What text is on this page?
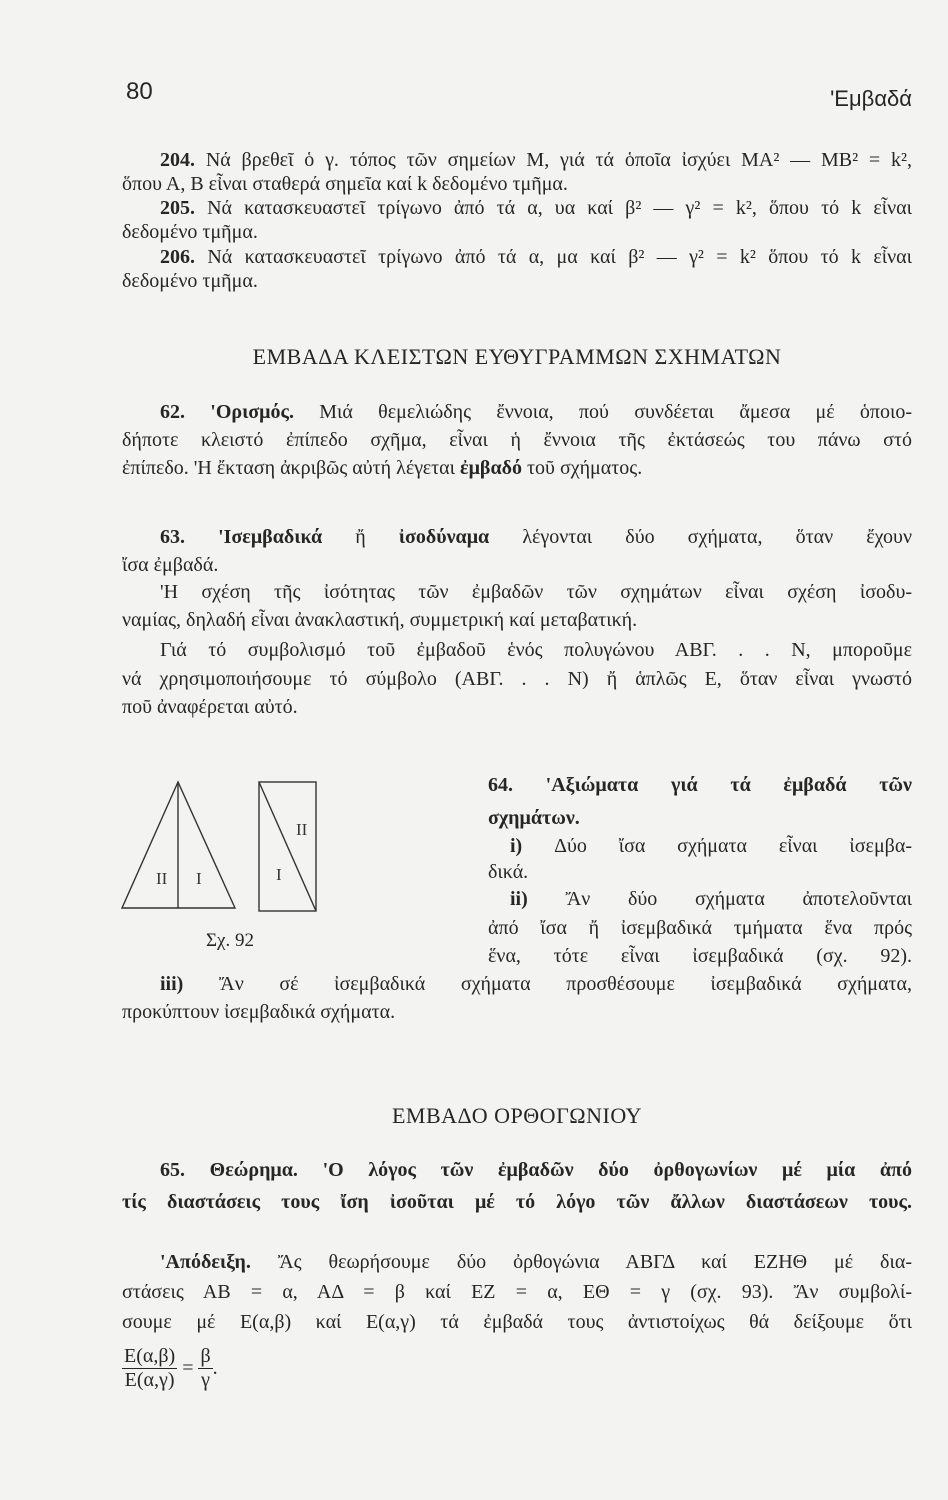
80	'Εμβαδά
204. Νά βρεθεῖ ὁ γ. τόπος τῶν σημείων Μ, γιά τά ὁποῖα ἰσχύει ΜΑ² — ΜΒ² = k²,
ὅπου Α, Β εἶναι σταθερά σημεῖα καί k δεδομένο τμῆμα.
205. Νά κατασκευαστεῖ τρίγωνο ἀπό τά α, υα καί β² — γ² = k², ὅπου τό k εἶναι
δεδομένο τμῆμα.
206. Νά κατασκευαστεῖ τρίγωνο ἀπό τά α, μα καί β² — γ² = k² ὅπου τό k εἶναι
δεδομένο τμῆμα.
ΕΜΒΑΔΑ ΚΛΕΙΣΤΩΝ ΕΥΘΥΓΡΑΜΜΩΝ ΣΧΗΜΑΤΩΝ
62. 'Ορισμός. Μιά θεμελιώδης ἔννοια, πού συνδέεται ἄμεσα μέ ὁποιο-
δήποτε κλειστό ἐπίπεδο σχῆμα, εἶναι ἡ ἔννοια τῆς ἐκτάσεώς του πάνω στό
ἐπίπεδο. 'Η ἔκταση ἀκριβῶς αὐτή λέγεται ἐμβαδό τοῦ σχήματος.
63. 'Ισεμβαδικά ἤ ἰσοδύναμα λέγονται δύο σχήματα, ὅταν ἔχουν
ἴσα ἐμβαδά.
'Η σχέση τῆς ἰσότητας τῶν ἐμβαδῶν τῶν σχημάτων εἶναι σχέση ἰσοδυ-
ναμίας, δηλαδή εἶναι ἀνακλαστική, συμμετρική καί μεταβατική.
Γιά τό συμβολισμό τοῦ ἐμβαδοῦ ἑνός πολυγώνου ΑΒΓ. . . Ν, μποροῦμε
νά χρησιμοποιήσουμε τό σύμβολο (ΑΒΓ. . . Ν) ἤ ἁπλῶς Ε, ὅταν εἶναι γνωστό
ποῦ ἀναφέρεται αὐτό.
II I
II
I
Σχ. 92
64. 'Αξιώματα γιά τά ἐμβαδά τῶν
σχημάτων.
i) Δύο ἴσα σχήματα εἶναι ἰσεμβα-
δικά.
ii) Ἄν δύο σχήματα ἀποτελοῦνται
ἀπό ἴσα ἤ ἰσεμβαδικά τμήματα ἕνα πρός
ἕνα, τότε εἶναι ἰσεμβαδικά (σχ. 92).
iii) Ἄν σέ ἰσεμβαδικά σχήματα προσθέσουμε ἰσεμβαδικά σχήματα,
προκύπτουν ἰσεμβαδικά σχήματα.
ΕΜΒΑΔΟ ΟΡΘΟΓΩΝΙΟΥ
65. Θεώρημα. 'Ο λόγος τῶν ἐμβαδῶν δύο ὀρθογωνίων μέ μία ἀπό
τίς διαστάσεις τους ἴση ἰσοῦται μέ τό λόγο τῶν ἄλλων διαστάσεων τους.
'Απόδειξη. Ἄς θεωρήσουμε δύο ὀρθογώνια ΑΒΓΔ καί ΕΖΗΘ μέ δια-
στάσεις ΑΒ = α, ΑΔ = β καί ΕΖ = α, ΕΘ = γ (σχ. 93). Ἄν συμβολί-
σουμε μέ Ε(α,β) καί Ε(α,γ) τά ἐμβαδά τους ἀντιστοίχως θά δείξουμε ὅτι
$\frac{E(\alpha,\beta)}{E(\alpha,\gamma)} = \frac{\beta}{\gamma}$ .
